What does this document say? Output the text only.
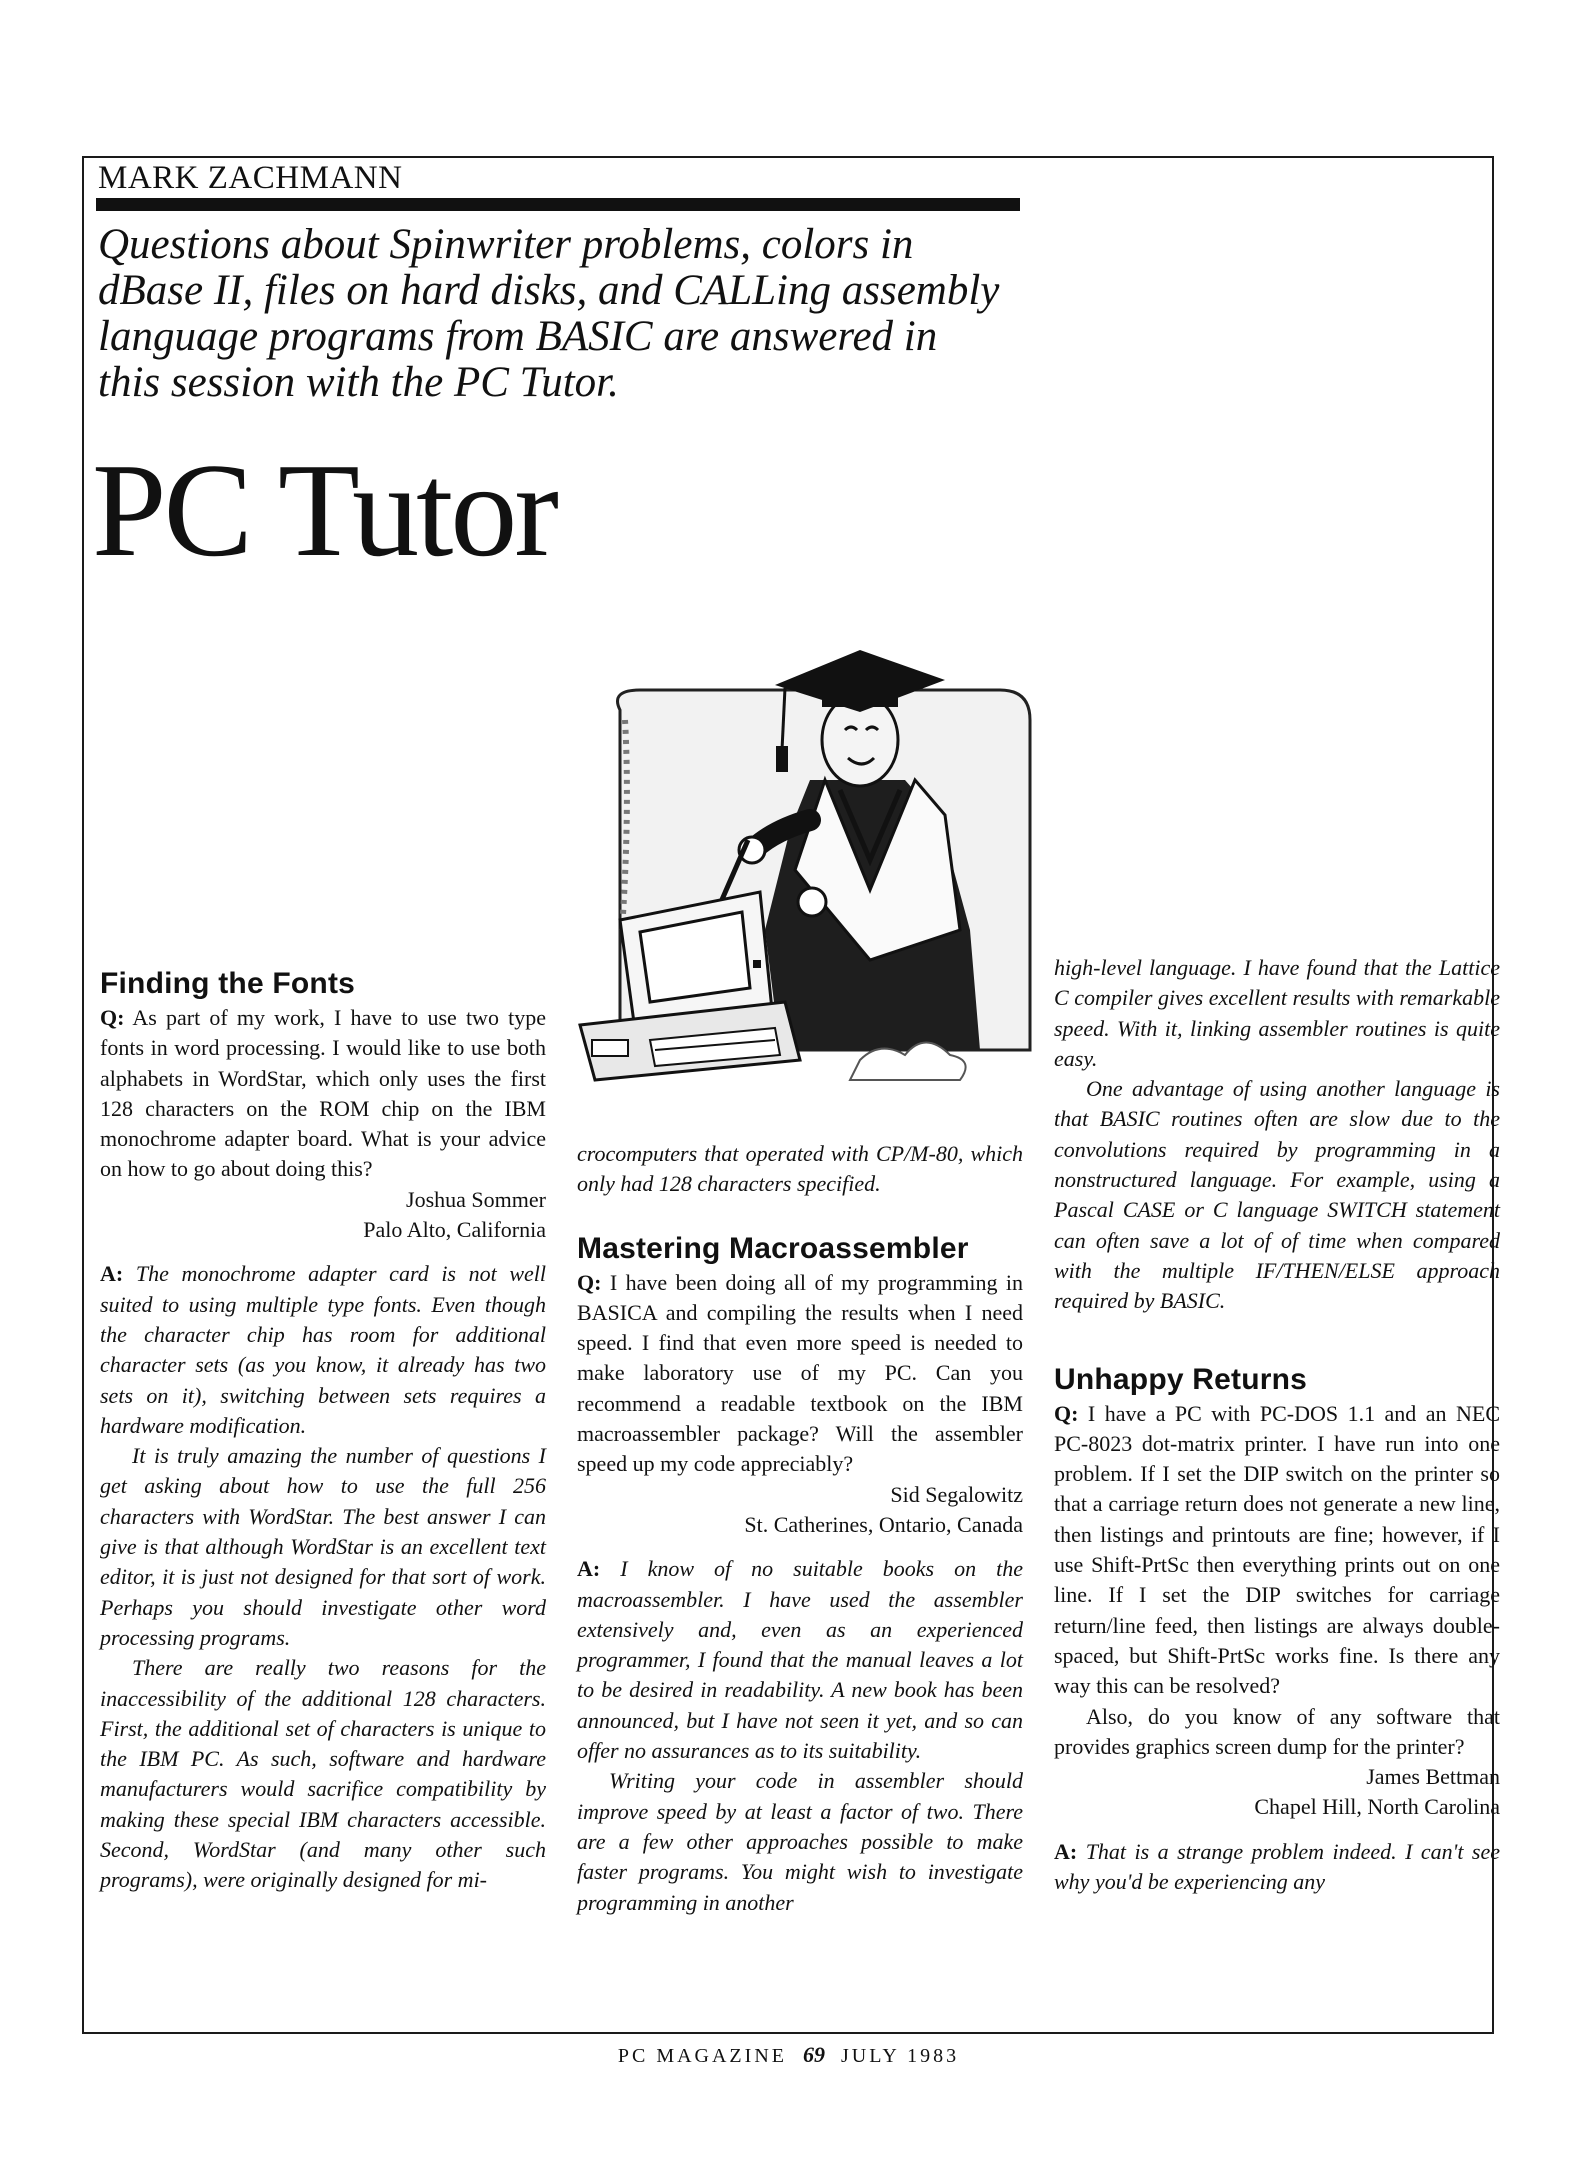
MARK ZACHMANN
Questions about Spinwriter problems, colors in
dBase II, files on hard disks, and CALLing assembly
language programs from BASIC are answered in
this session with the PC Tutor.
PC Tutor
Finding the Fonts

Q: As part of my work, I have to use two type fonts in word processing. I would like to use both alphabets in WordStar, which only uses the first 128 characters on the ROM chip on the IBM monochrome adapter board. What is your advice on how to go about doing this?

Joshua Sommer

Palo Alto, California

A: The monochrome adapter card is not well suited to using multiple type fonts. Even though the character chip has room for additional character sets (as you know, it already has two sets on it), switching between sets requires a hardware modification.

It is truly amazing the number of questions I get asking about how to use the full 256 characters with WordStar. The best answer I can give is that although WordStar is an excellent text editor, it is just not designed for that sort of work. Perhaps you should investigate other word processing programs.

There are really two reasons for the inaccessibility of the additional 128 characters. First, the additional set of characters is unique to the IBM PC. As such, software and hardware manufacturers would sacrifice compatibility by making these special IBM characters accessible. Second, WordStar (and many other such programs), were originally designed for mi-

crocomputers that operated with CP/M-80, which only had 128 characters specified.

Mastering Macroassembler

Q: I have been doing all of my programming in BASICA and compiling the results when I need speed. I find that even more speed is needed to make laboratory use of my PC. Can you recommend a readable textbook on the IBM macroassembler package? Will the assembler speed up my code appreciably?

Sid Segalowitz

St. Catherines, Ontario, Canada

A: I know of no suitable books on the macroassembler. I have used the assembler extensively and, even as an experienced programmer, I found that the manual leaves a lot to be desired in readability. A new book has been announced, but I have not seen it yet, and so can offer no assurances as to its suitability.

Writing your code in assembler should improve speed by at least a factor of two. There are a few other approaches possible to make faster programs. You might wish to investigate programming in another

high-level language. I have found that the Lattice C compiler gives excellent results with remarkable speed. With it, linking assembler routines is quite easy.

One advantage of using another language is that BASIC routines often are slow due to the convolutions required by programming in a nonstructured language. For example, using a Pascal CASE or C language SWITCH statement can often save a lot of of time when compared with the multiple IF/THEN/ELSE approach required by BASIC.

Unhappy Returns

Q: I have a PC with PC-DOS 1.1 and an NEC PC-8023 dot-matrix printer. I have run into one problem. If I set the DIP switch on the printer so that a carriage return does not generate a new line, then listings and printouts are fine; however, if I use Shift-PrtSc then everything prints out on one line. If I set the DIP switches for carriage return/line feed, then listings are always double-spaced, but Shift-PrtSc works fine. Is there any way this can be resolved?

Also, do you know of any software that provides graphics screen dump for the printer?

James Bettman

Chapel Hill, North Carolina

A: That is a strange problem indeed. I can't see why you'd be experiencing any

PC MAGAZINE 69 JULY 1983
